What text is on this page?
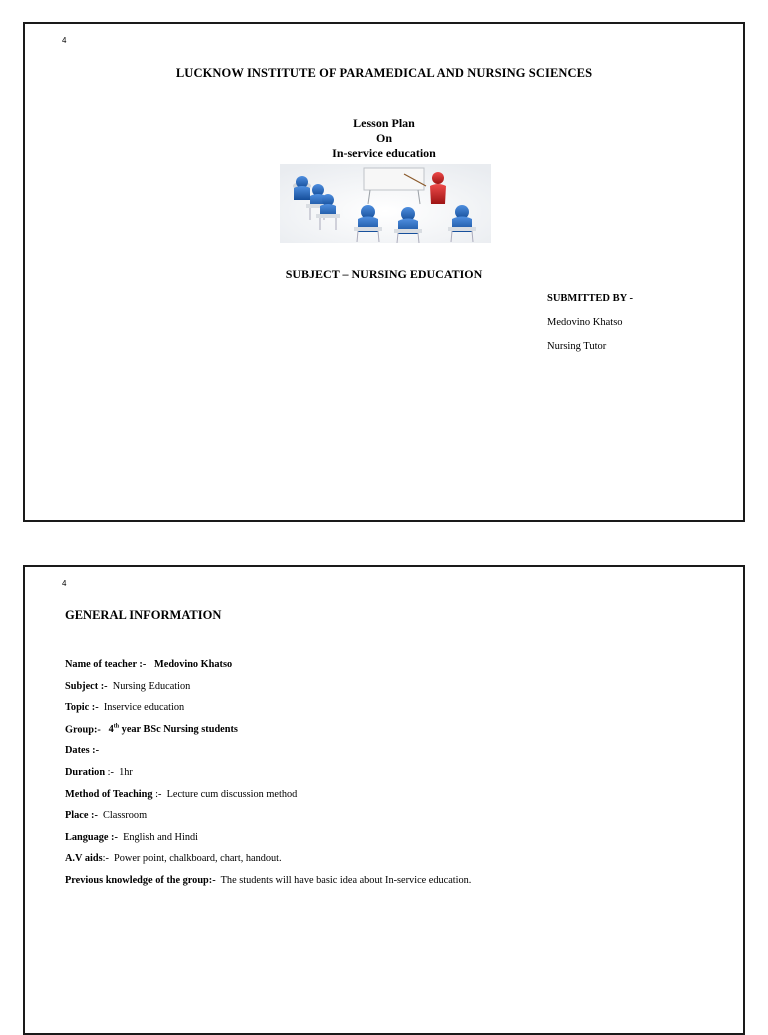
4
LUCKNOW INSTITUTE OF PARAMEDICAL AND NURSING SCIENCES
Lesson Plan
On
In-service education
SUBJECT – NURSING EDUCATION
SUBMITTED BY -
Medovino Khatso
Nursing Tutor
4
GENERAL INFORMATION
Name of teacher :- Medovino Khatso
Subject :- Nursing Education
Topic :- Inservice education
Group:- 4th year BSc Nursing students
Dates :-
Duration :- 1hr
Method of Teaching :- Lecture cum discussion method
Place :- Classroom
Language :- English and Hindi
A.V aids:- Power point, chalkboard, chart, handout.
Previous knowledge of the group:- The students will have basic idea about In-service education.
